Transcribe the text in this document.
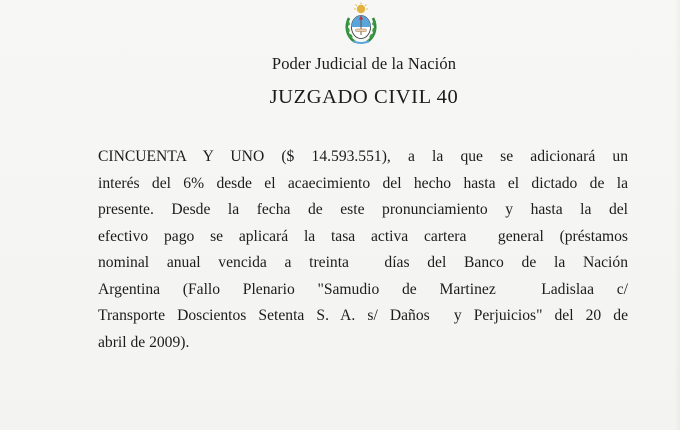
Poder Judicial de la Nación
JUZGADO CIVIL 40
CINCUENTA Y UNO ($ 14.593.551), a la que se adicionará un
interés del 6% desde el acaecimiento del hecho hasta el dictado de la
presente. Desde la fecha de este pronunciamiento y hasta la del
efectivo pago se aplicará la tasa activa cartera  general (préstamos
nominal anual vencida a treinta  días del Banco de la Nación
Argentina (Fallo Plenario "Samudio de Martinez  Ladislaa c/
Transporte Doscientos Setenta S. A. s/ Daños  y Perjuicios" del 20 de
abril de 2009).
